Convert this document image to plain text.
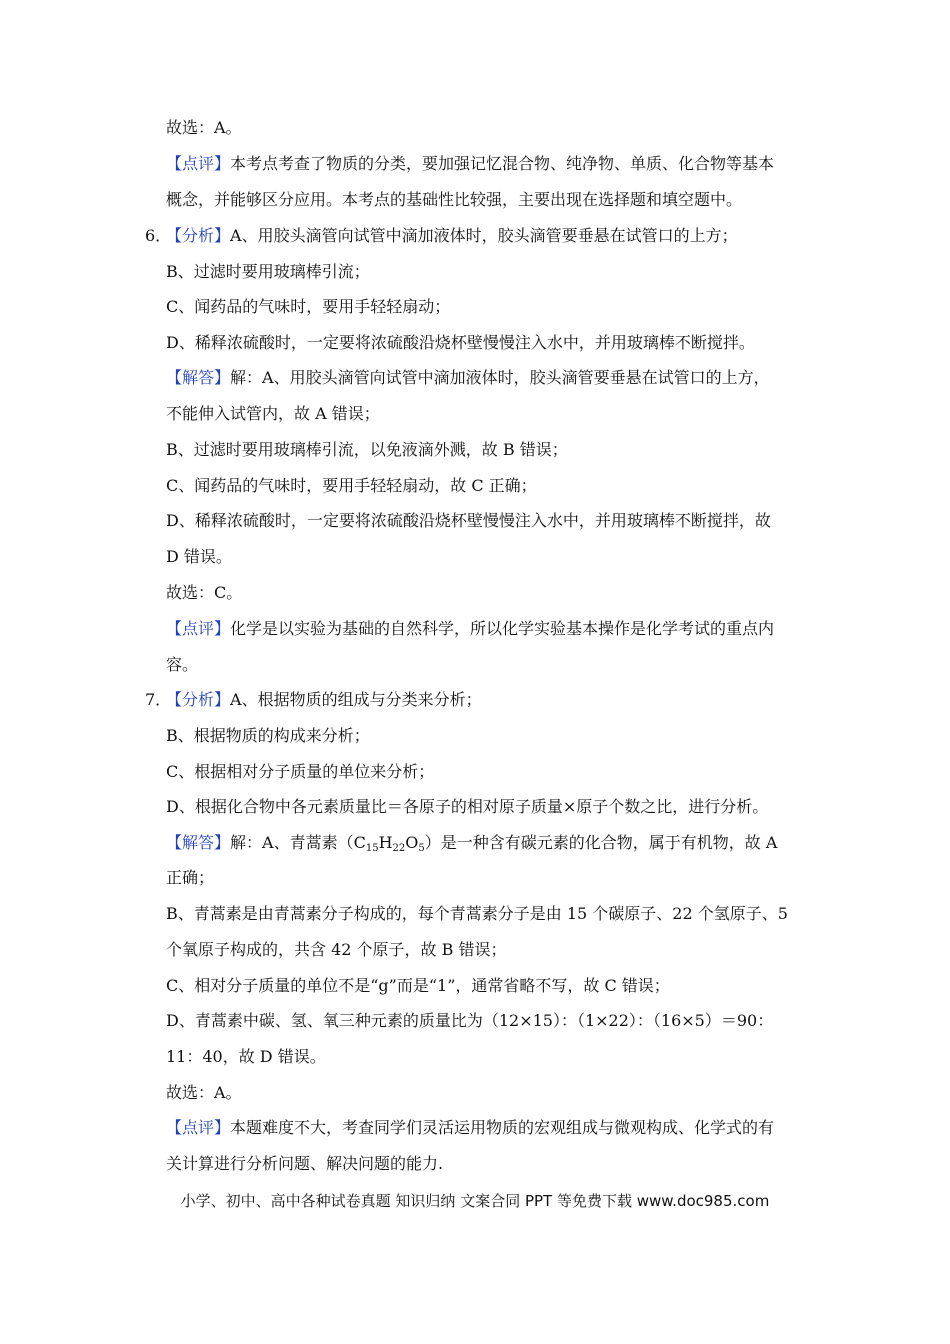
故选：A。
【点评】本考点考查了物质的分类，要加强记忆混合物、纯净物、单质、化合物等基本
概念，并能够区分应用。本考点的基础性比较强，主要出现在选择题和填空题中。
6．【分析】A、用胶头滴管向试管中滴加液体时，胶头滴管要垂悬在试管口的上方；
B、过滤时要用玻璃棒引流；
C、闻药品的气味时，要用手轻轻扇动；
D、稀释浓硫酸时，一定要将浓硫酸沿烧杯壁慢慢注入水中，并用玻璃棒不断搅拌。
【解答】解：A、用胶头滴管向试管中滴加液体时，胶头滴管要垂悬在试管口的上方，
不能伸入试管内，故 A 错误；
B、过滤时要用玻璃棒引流，以免液滴外溅，故 B 错误；
C、闻药品的气味时，要用手轻轻扇动，故 C 正确；
D、稀释浓硫酸时，一定要将浓硫酸沿烧杯壁慢慢注入水中，并用玻璃棒不断搅拌，故
D 错误。
故选：C。
【点评】化学是以实验为基础的自然科学，所以化学实验基本操作是化学考试的重点内
容。
7．【分析】A、根据物质的组成与分类来分析；
B、根据物质的构成来分析；
C、根据相对分子质量的单位来分析；
D、根据化合物中各元素质量比＝各原子的相对原子质量×原子个数之比，进行分析。
【解答】解：A、青蒿素$(C_{15}H_{22}O_5)$是一种含有碳元素的化合物，属于有机物，故 A
正确；
B、青蒿素是由青蒿素分子构成的，每个青蒿素分子是由 15 个碳原子、22 个氢原子、5
个氧原子构成的，共含 42 个原子，故 B 错误；
C、相对分子质量的单位不是“g”而是“1”，通常省略不写，故 C 错误；
D、青蒿素中碳、氢、氧三种元素的质量比为（12×15）：（1×22）：（16×5）＝90：
11：40，故 D 错误。
故选：A。
【点评】本题难度不大，考查同学们灵活运用物质的宏观组成与微观构成、化学式的有
关计算进行分析问题、解决问题的能力.
小学、初中、高中各种试卷真题 知识归纳 文案合同 PPT 等免费下载 www.doc985.com
